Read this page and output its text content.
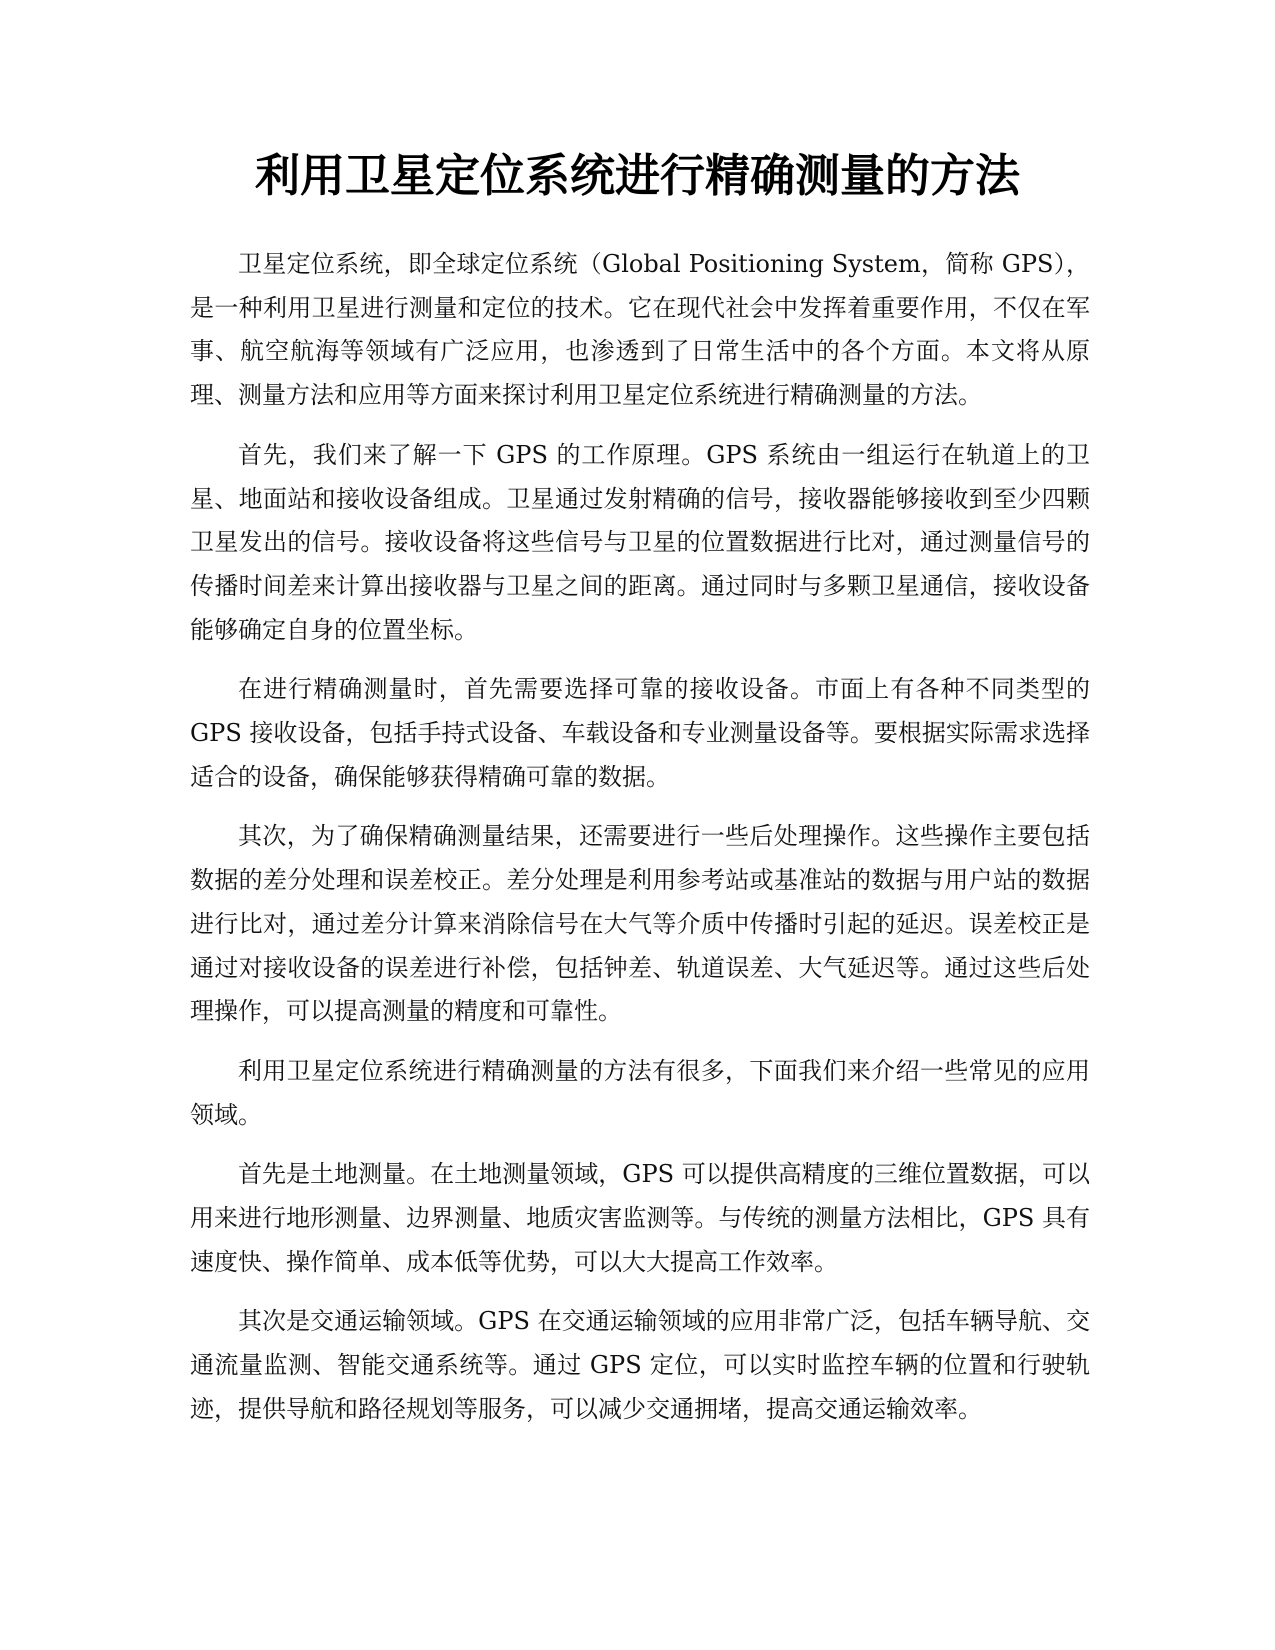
利用卫星定位系统进行精确测量的方法

卫星定位系统，即全球定位系统（Global Positioning System，简称 GPS），是一种利用卫星进行测量和定位的技术。它在现代社会中发挥着重要作用，不仅在军事、航空航海等领域有广泛应用，也渗透到了日常生活中的各个方面。本文将从原理、测量方法和应用等方面来探讨利用卫星定位系统进行精确测量的方法。

首先，我们来了解一下 GPS 的工作原理。GPS 系统由一组运行在轨道上的卫星、地面站和接收设备组成。卫星通过发射精确的信号，接收器能够接收到至少四颗卫星发出的信号。接收设备将这些信号与卫星的位置数据进行比对，通过测量信号的传播时间差来计算出接收器与卫星之间的距离。通过同时与多颗卫星通信，接收设备能够确定自身的位置坐标。

在进行精确测量时，首先需要选择可靠的接收设备。市面上有各种不同类型的 GPS 接收设备，包括手持式设备、车载设备和专业测量设备等。要根据实际需求选择适合的设备，确保能够获得精确可靠的数据。

其次，为了确保精确测量结果，还需要进行一些后处理操作。这些操作主要包括数据的差分处理和误差校正。差分处理是利用参考站或基准站的数据与用户站的数据进行比对，通过差分计算来消除信号在大气等介质中传播时引起的延迟。误差校正是通过对接收设备的误差进行补偿，包括钟差、轨道误差、大气延迟等。通过这些后处理操作，可以提高测量的精度和可靠性。

利用卫星定位系统进行精确测量的方法有很多，下面我们来介绍一些常见的应用领域。

首先是土地测量。在土地测量领域，GPS 可以提供高精度的三维位置数据，可以用来进行地形测量、边界测量、地质灾害监测等。与传统的测量方法相比，GPS 具有速度快、操作简单、成本低等优势，可以大大提高工作效率。

其次是交通运输领域。GPS 在交通运输领域的应用非常广泛，包括车辆导航、交通流量监测、智能交通系统等。通过 GPS 定位，可以实时监控车辆的位置和行驶轨迹，提供导航和路径规划等服务，可以减少交通拥堵，提高交通运输效率。
